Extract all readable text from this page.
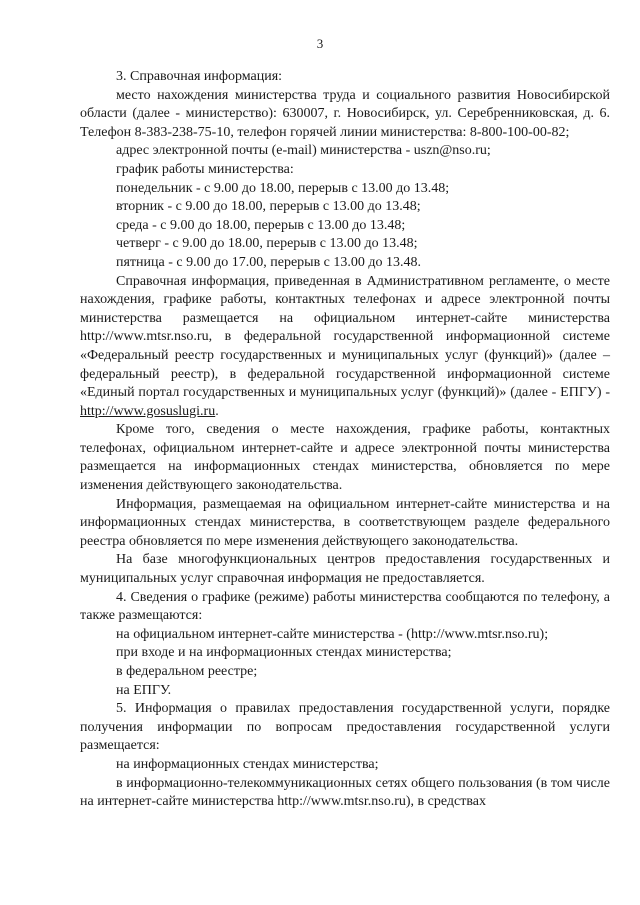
3

3. Справочная информация:

место нахождения министерства труда и социального развития Новосибирской области (далее - министерство): 630007, г. Новосибирск, ул. Серебренниковская, д. 6. Телефон 8-383-238-75-10, телефон горячей линии министерства: 8-800-100-00-82;

адрес электронной почты (e-mail) министерства - uszn@nso.ru;

график работы министерства:

понедельник - с 9.00 до 18.00, перерыв с 13.00 до 13.48;

вторник - с 9.00 до 18.00, перерыв с 13.00 до 13.48;

среда - с 9.00 до 18.00, перерыв с 13.00 до 13.48;

четверг - с 9.00 до 18.00, перерыв с 13.00 до 13.48;

пятница - с 9.00 до 17.00, перерыв с 13.00 до 13.48.

Справочная информация, приведенная в Административном регламенте, о месте нахождения, графике работы, контактных телефонах и адресе электронной почты министерства размещается на официальном интернет-сайте министерства http://www.mtsr.nso.ru, в федеральной государственной информационной системе «Федеральный реестр государственных и муниципальных услуг (функций)» (далее – федеральный реестр), в федеральной государственной информационной системе «Единый портал государственных и муниципальных услуг (функций)» (далее - ЕПГУ) - http://www.gosuslugi.ru.

Кроме того, сведения о месте нахождения, графике работы, контактных телефонах, официальном интернет-сайте и адресе электронной почты министерства размещается на информационных стендах министерства, обновляется по мере изменения действующего законодательства.

Информация, размещаемая на официальном интернет-сайте министерства и на информационных стендах министерства, в соответствующем разделе федерального реестра обновляется по мере изменения действующего законодательства.

На базе многофункциональных центров предоставления государственных и муниципальных услуг справочная информация не предоставляется.

4. Сведения о графике (режиме) работы министерства сообщаются по телефону, а также размещаются:

на официальном интернет-сайте министерства - (http://www.mtsr.nso.ru);

при входе и на информационных стендах министерства;

в федеральном реестре;

на ЕПГУ.

5. Информация о правилах предоставления государственной услуги, порядке получения информации по вопросам предоставления государственной услуги размещается:

на информационных стендах министерства;

в информационно-телекоммуникационных сетях общего пользования (в том числе на интернет-сайте министерства http://www.mtsr.nso.ru), в средствах
